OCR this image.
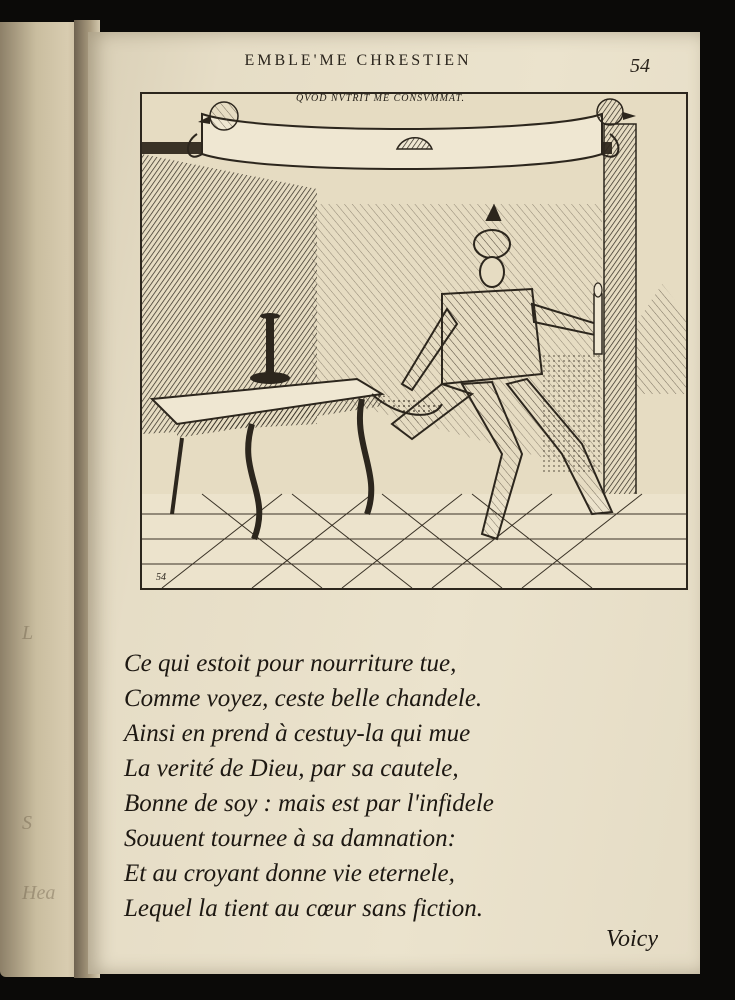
L
S
Hea
EMBLE'ME CHRESTIEN	54
QVOD NVTRIT ME CONSVMMAT.
54
Ce qui estoit pour nourriture tue,
Comme voyez, ceste belle chandele.
Ainsi en prend à cestuy-la qui mue
La verité de Dieu, par sa cautele,
Bonne de soy : mais est par l'infidele
Souuent tournee à sa damnation:
Et au croyant donne vie eternele,
Lequel la tient au cœur sans fiction.
Voicy
